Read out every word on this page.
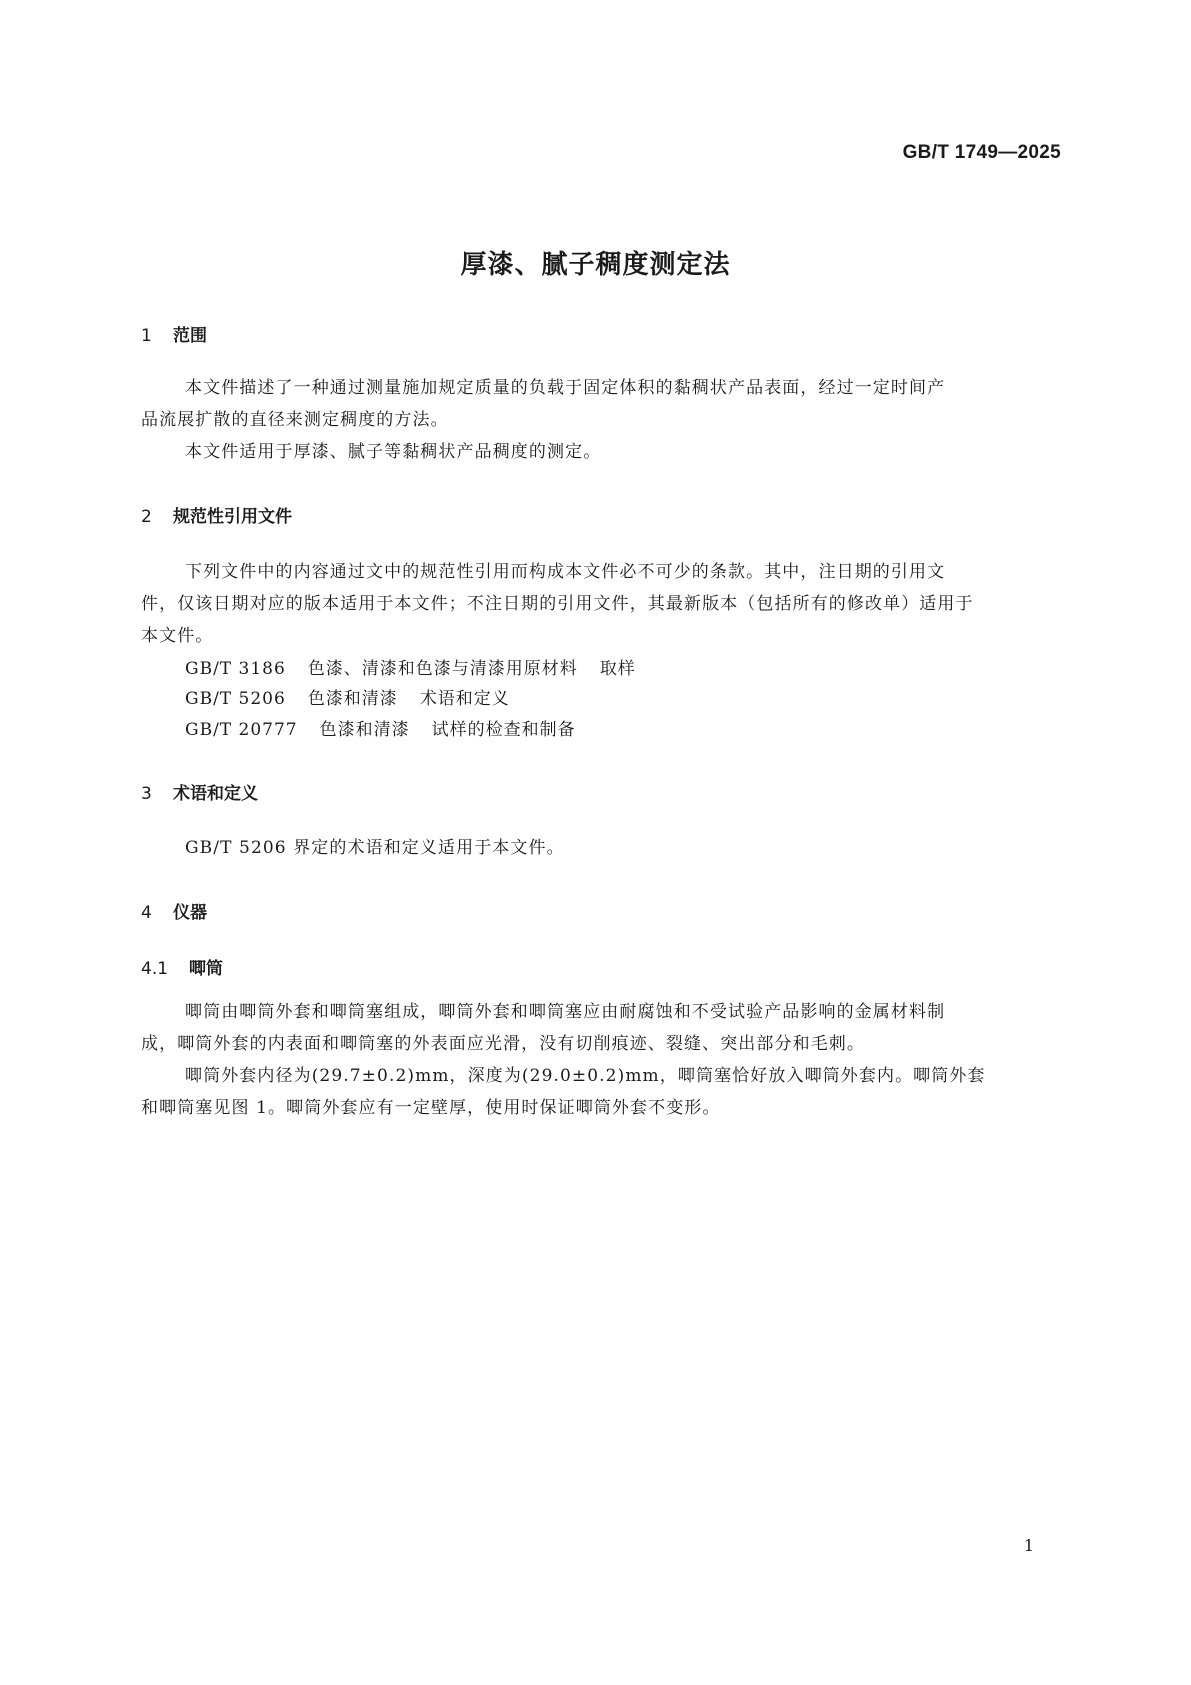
GB/T 1749—2025
厚漆、腻子稠度测定法
1 范围
本文件描述了一种通过测量施加规定质量的负载于固定体积的黏稠状产品表面，经过一定时间产
品流展扩散的直径来测定稠度的方法。
本文件适用于厚漆、腻子等黏稠状产品稠度的测定。
2 规范性引用文件
下列文件中的内容通过文中的规范性引用而构成本文件必不可少的条款。其中，注日期的引用文
件，仅该日期对应的版本适用于本文件；不注日期的引用文件，其最新版本（包括所有的修改单）适用于
本文件。
GB/T 3186 色漆、清漆和色漆与清漆用原材料 取样
GB/T 5206 色漆和清漆 术语和定义
GB/T 20777 色漆和清漆 试样的检查和制备
3 术语和定义
GB/T 5206 界定的术语和定义适用于本文件。
4 仪器
4.1 唧筒
唧筒由唧筒外套和唧筒塞组成，唧筒外套和唧筒塞应由耐腐蚀和不受试验产品影响的金属材料制
成，唧筒外套的内表面和唧筒塞的外表面应光滑，没有切削痕迹、裂缝、突出部分和毛刺。
唧筒外套内径为(29.7±0.2)mm，深度为(29.0±0.2)mm，唧筒塞恰好放入唧筒外套内。唧筒外套
和唧筒塞见图 1。唧筒外套应有一定壁厚，使用时保证唧筒外套不变形。
1
